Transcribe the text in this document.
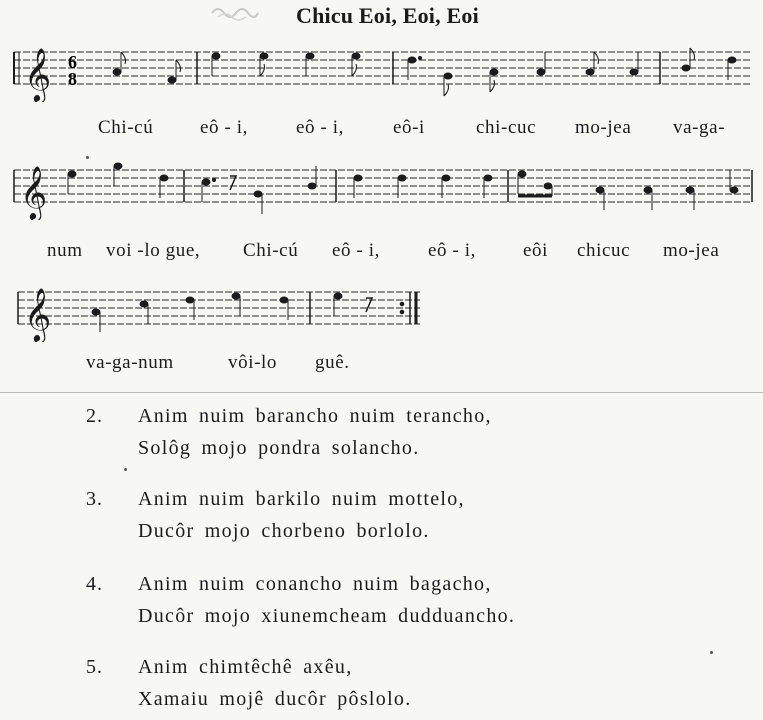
Chicu Eoi, Eoi, Eoi
𝄞 6
8
Chi-cú eô - i,	eô - i,	eô-i	chi-cuc mo-jea va-ga-
𝄞
num voi -lo gue, Chi-cú eô - i,	eô - i, eôi chicuc mo-jea
𝄞
va-ga-num	vôi-lo guê.
2. Anim nuim barancho nuim terancho,
Solôg mojo pondra solancho.
3. Anim nuim barkilo nuim mottelo,
Ducôr mojo chorbeno borlolo.
4. Anim nuim conancho nuim bagacho,
Ducôr mojo xiunemcheam dudduancho.
5. Anim chimtêchê axêu,
Xamaiu mojê ducôr pôslolo.
